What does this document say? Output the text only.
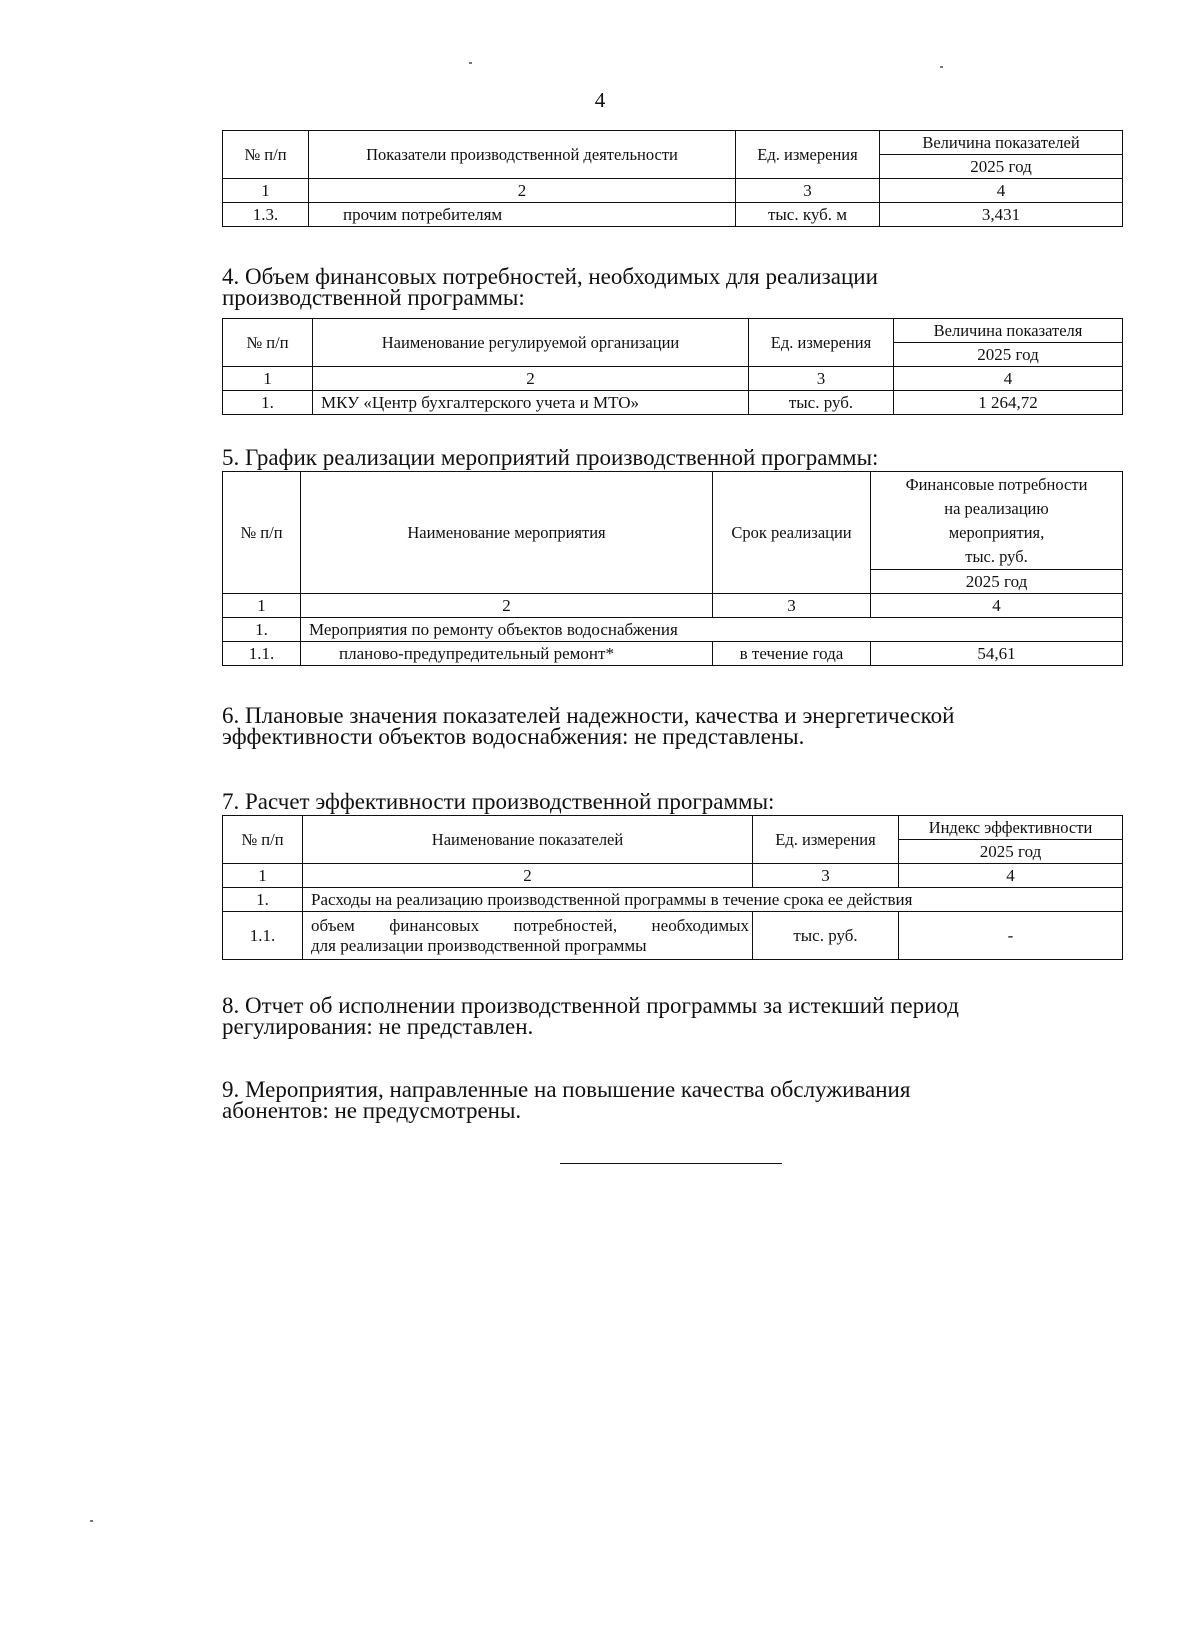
4
№ п/п	Показатели производственной деятельности	Ед. измерения	Величина показателей
			2025 год
1	2	3	4
1.3.	прочим потребителям	тыс. куб. м	3,431
4. Объем финансовых потребностей, необходимых для реализации
производственной программы:
№ п/п	Наименование регулируемой организации	Ед. измерения	Величина показателя
			2025 год
1	2	3	4
1.	МКУ «Центр бухгалтерского учета и МТО»	тыс. руб.	1 264,72
5. График реализации мероприятий производственной программы:
№ п/п	Наименование мероприятия	Срок реализации	Финансовые потребности
на реализацию
мероприятия,
тыс. руб.

			2025 год
1	2	3	4
1.	Мероприятия по ремонту объектов водоснабжения		
1.1.	планово-предупредительный ремонт*	в течение года	54,61
6. Плановые значения показателей надежности, качества и энергетической
эффективности объектов водоснабжения: не представлены.
7. Расчет эффективности производственной программы:
№ п/п	Наименование показателей	Ед. измерения	Индекс эффективности
			2025 год
1	2	3	4
1.	Расходы на реализацию производственной программы в течение срока ее действия		
1.1.	объем финансовых потребностей, необходимых
для реализации производственной программы	тыс. руб.	-
8. Отчет об исполнении производственной программы за истекший период
регулирования: не представлен.
9. Мероприятия, направленные на повышение качества обслуживания
абонентов: не предусмотрены.
